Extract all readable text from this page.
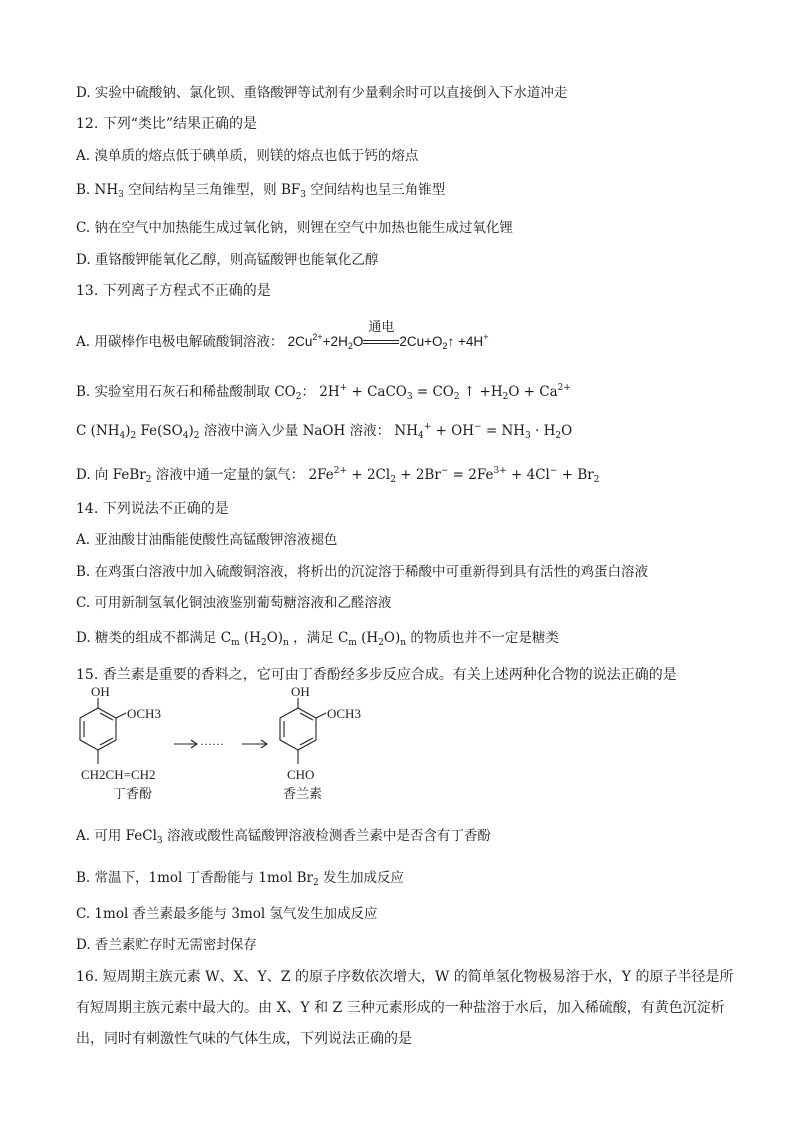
D. 实验中硫酸钠、氯化钡、重铬酸钾等试剂有少量剩余时可以直接倒入下水道冲走
12. 下列“类比”结果正确的是
A. 溴单质的熔点低于碘单质，则镁的熔点也低于钙的熔点
B. $NH_3$ 空间结构呈三角锥型，则 $BF_3$ 空间结构也呈三角锥型
C. 钠在空气中加热能生成过氧化钠，则锂在空气中加热也能生成过氧化锂
D. 重铬酸钾能氧化乙醇，则高锰酸钾也能氧化乙醇
13. 下列离子方程式不正确的是
A. 用碳棒作电极电解硫酸铜溶液： $2Cu^{2+}+2H_2O$
通电
$2Cu+O_2↑ +4H^+$
B. 实验室用石灰石和稀盐酸制取 $CO_2$： 2H+ + CaCO$_3$ = $CO_2$ ↑ $+H_2O + Ca^{2+}$
C $(NH_4)_2$ $Fe(SO_4)_2$ 溶液中滴入少量 NaOH 溶液： $NH_4^+ + OH^- = NH_3 \cdot H_2O$
D. 向 FeBr$_2$ 溶液中通一定量的氯气： $2Fe^{2+} + 2Cl_2 + 2Br^- = 2Fe^{3+} + 4Cl^- + Br_2$
14. 下列说法不正确的是
A. 亚油酸甘油酯能使酸性高锰酸钾溶液褪色
B. 在鸡蛋白溶液中加入硫酸铜溶液，将析出的沉淀溶于稀酸中可重新得到具有活性的鸡蛋白溶液
C. 可用新制氢氧化铜浊液鉴别葡萄糖溶液和乙醛溶液
D. 糖类的组成不都满足 $C_m$ $(H_2O)_n$ ，满足 $C_m$ $(H_2O)_n$ 的物质也并不一定是糖类
15. 香兰素是重要的香料之，它可由丁香酚经多步反应合成。有关上述两种化合物的说法正确的是
OH
OCH3
CH2CH=CH2
丁香酚
······
OH
OCH3
CHO
香兰素
A. 可用 FeCl$_3$ 溶液或酸性高锰酸钾溶液检测香兰素中是否含有丁香酚
B. 常温下，1mol 丁香酚能与 1mol $Br_2$ 发生加成反应
C. 1mol 香兰素最多能与 3mol 氢气发生加成反应
D. 香兰素贮存时无需密封保存
16. 短周期主族元素 W、X、Y、Z 的原子序数依次增大，W 的简单氢化物极易溶于水，Y 的原子半径是所
有短周期主族元素中最大的。由 X、Y 和 Z 三种元素形成的一种盐溶于水后，加入稀硫酸，有黄色沉淀析
出，同时有刺激性气味的气体生成，下列说法正确的是
